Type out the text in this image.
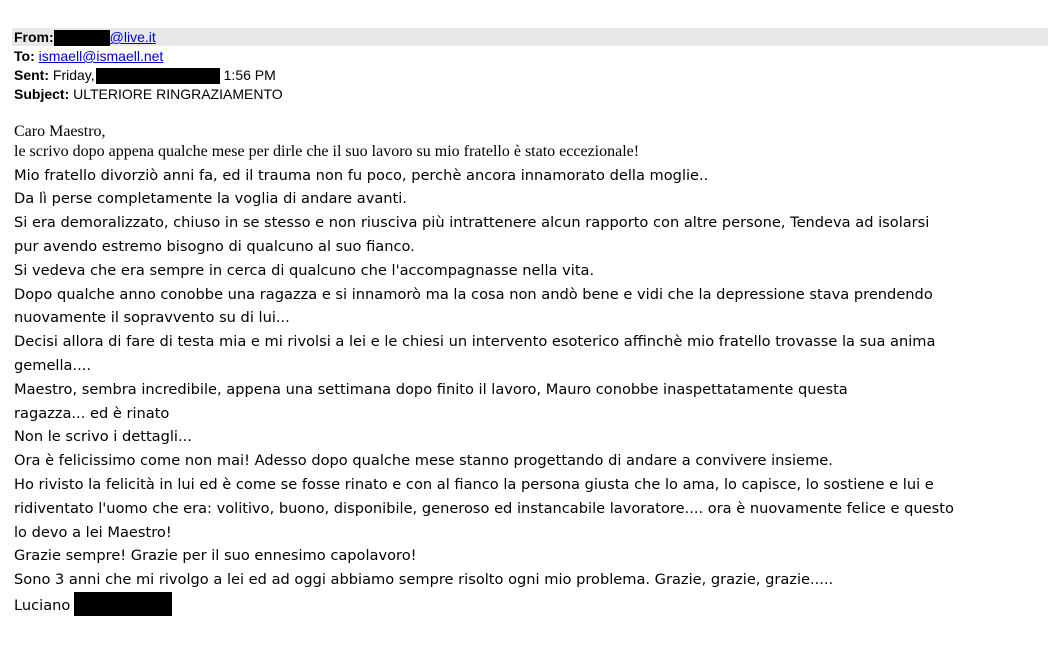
From:	@live.it
To: ismaell@ismaell.net
Sent: Friday,	1:56 PM
Subject: ULTERIORE RINGRAZIAMENTO
Caro Maestro,
le scrivo dopo appena qualche mese per dirle che il suo lavoro su mio fratello è stato eccezionale!
Mio fratello divorziò anni fa, ed il trauma non fu poco, perchè ancora innamorato della moglie..
Da lì perse completamente la voglia di andare avanti.
Si era demoralizzato, chiuso in se stesso e non riusciva più intrattenere alcun rapporto con altre persone, Tendeva ad isolarsi
pur avendo estremo bisogno di qualcuno al suo fianco.
Si vedeva che era sempre in cerca di qualcuno che l'accompagnasse nella vita.
Dopo qualche anno conobbe una ragazza e si innamorò ma la cosa non andò bene e vidi che la depressione stava prendendo
nuovamente il sopravvento su di lui...
Decisi allora di fare di testa mia e mi rivolsi a lei e le chiesi un intervento esoterico affinchè mio fratello trovasse la sua anima
gemella....
Maestro, sembra incredibile, appena una settimana dopo finito il lavoro, Mauro conobbe inaspettatamente questa
ragazza... ed è rinato
Non le scrivo i dettagli...
Ora è felicissimo come non mai! Adesso dopo qualche mese stanno progettando di andare a convivere insieme.
Ho rivisto la felicità in lui ed è come se fosse rinato e con al fianco la persona giusta che lo ama, lo capisce, lo sostiene e lui e
ridiventato l'uomo che era: volitivo, buono, disponibile, generoso ed instancabile lavoratore.... ora è nuovamente felice e questo
lo devo a lei Maestro!
Grazie sempre! Grazie per il suo ennesimo capolavoro!
Sono 3 anni che mi rivolgo a lei ed ad oggi abbiamo sempre risolto ogni mio problema. Grazie, grazie, grazie.....
Luciano
